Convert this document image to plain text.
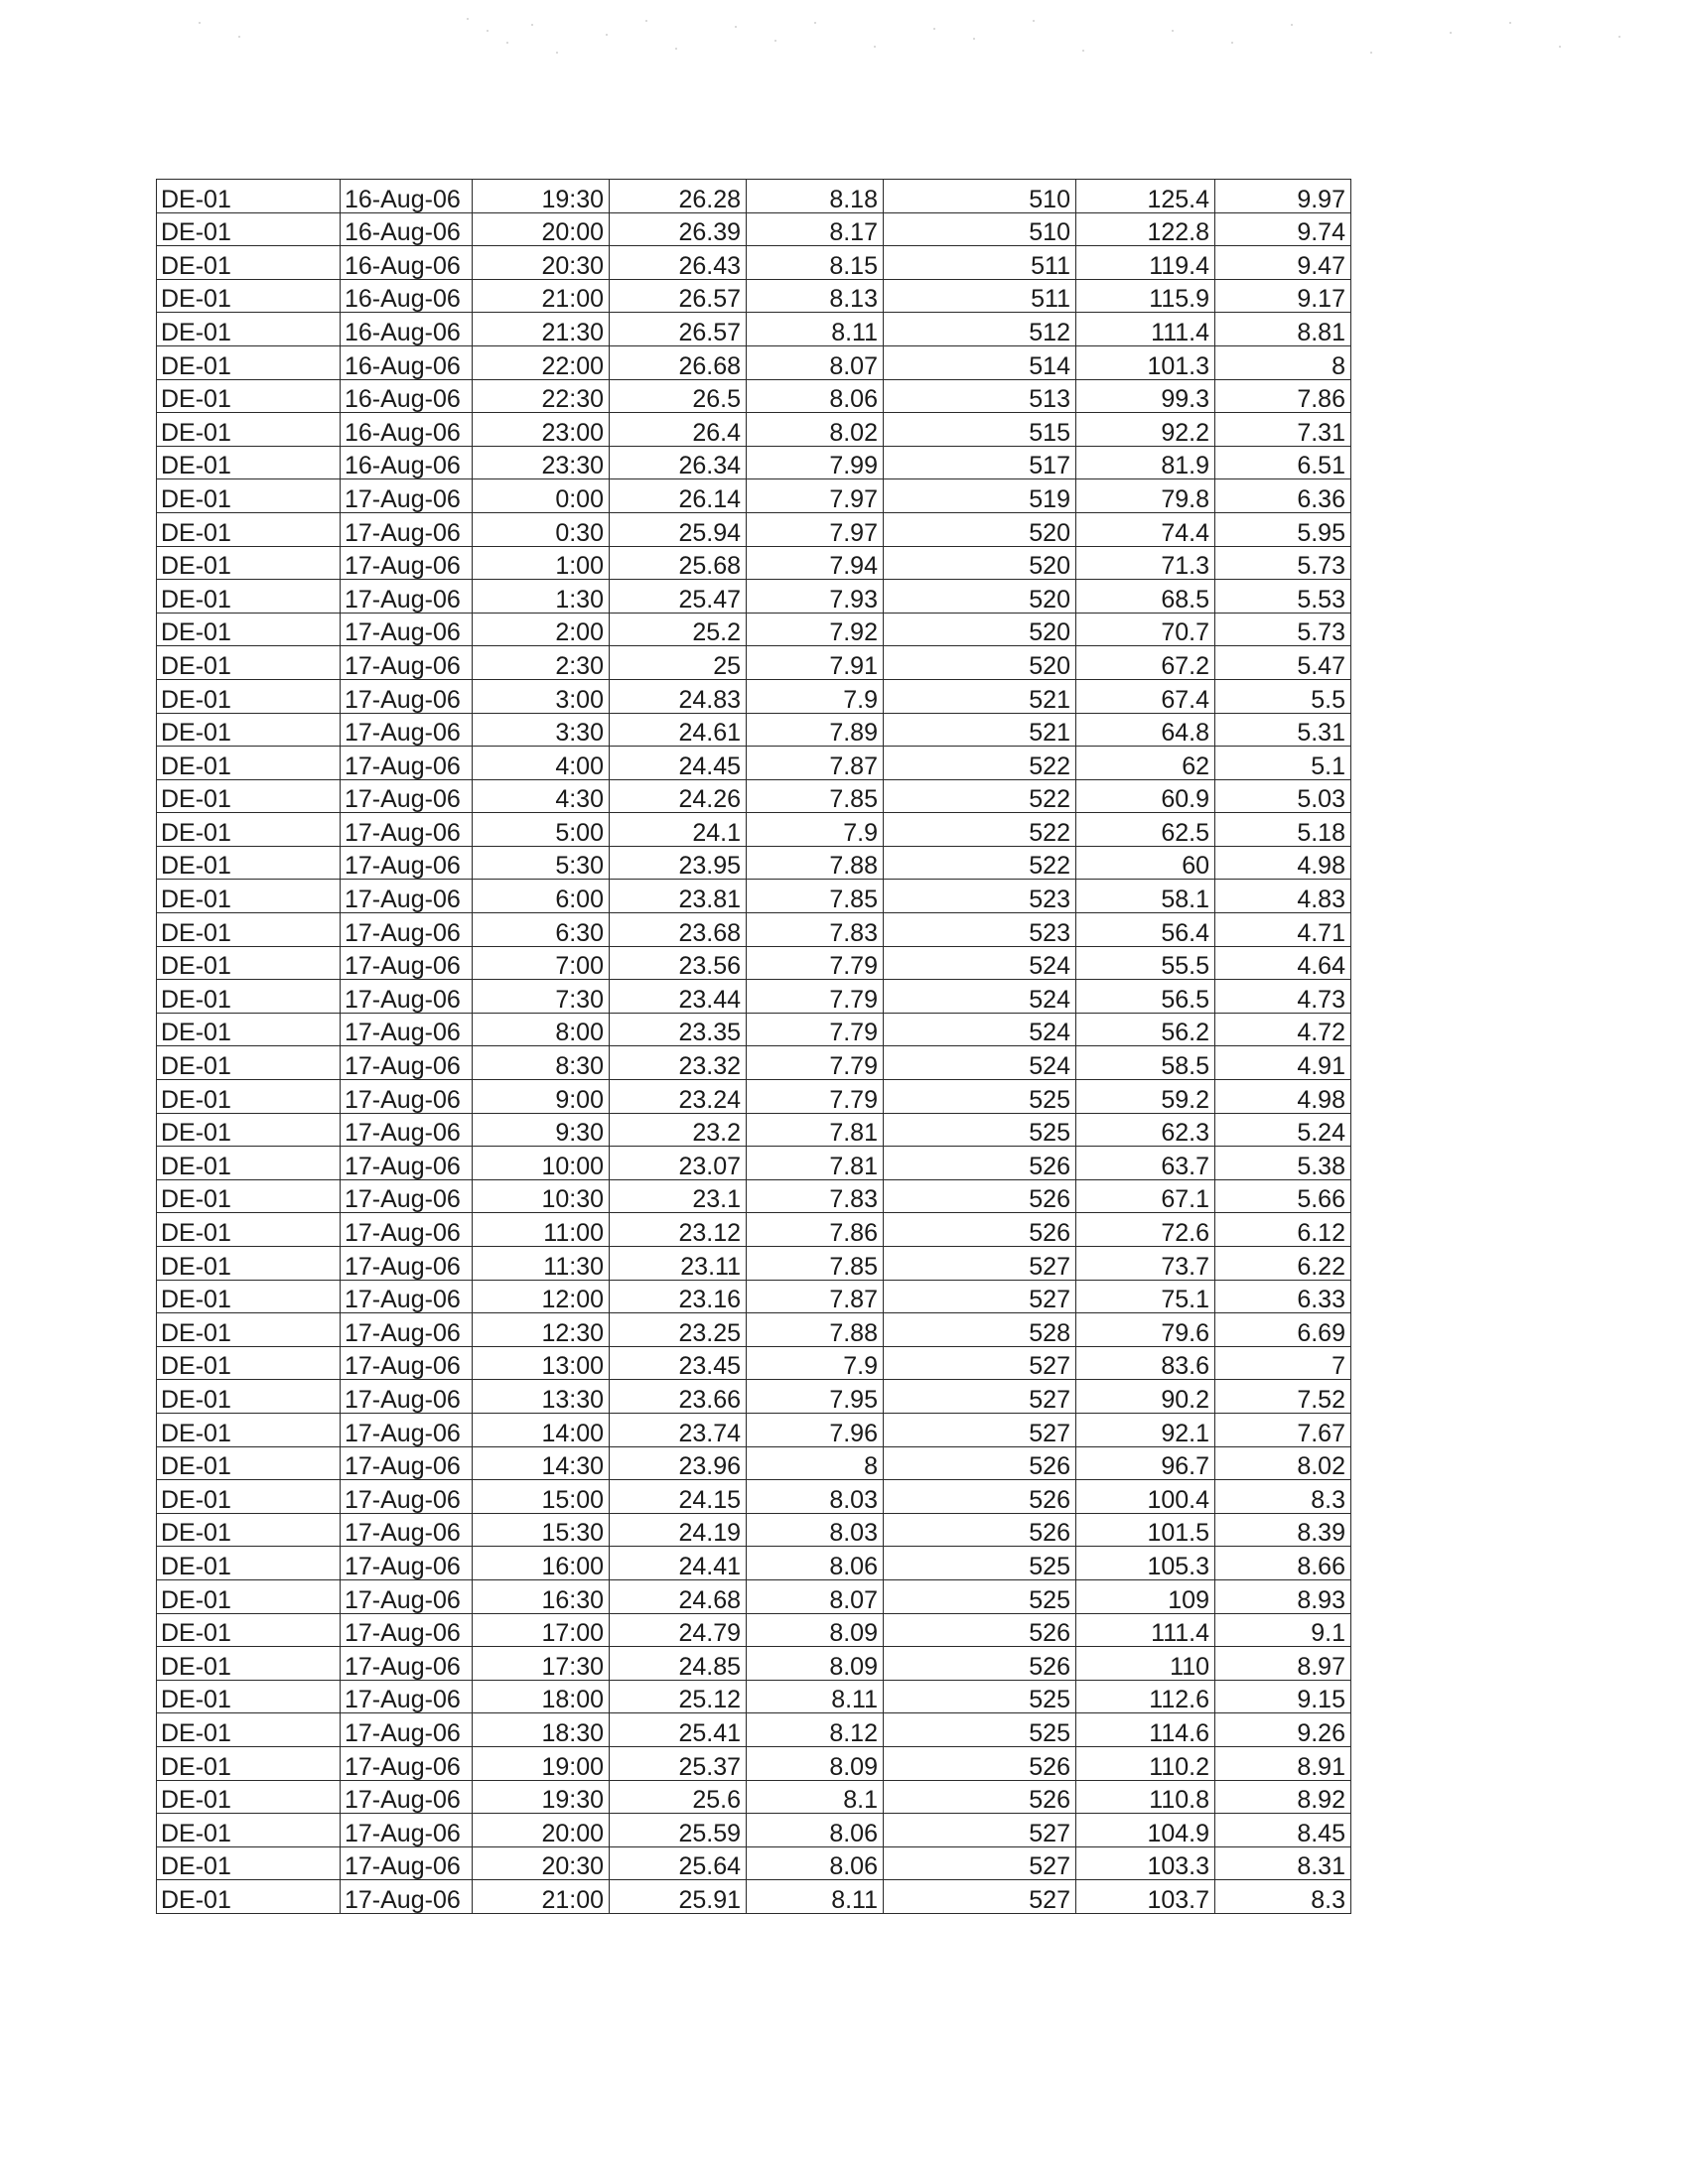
DE-01	16-Aug-06	19:30	26.28	8.18	510	125.4	9.97
DE-01	16-Aug-06	20:00	26.39	8.17	510	122.8	9.74
DE-01	16-Aug-06	20:30	26.43	8.15	511	119.4	9.47
DE-01	16-Aug-06	21:00	26.57	8.13	511	115.9	9.17
DE-01	16-Aug-06	21:30	26.57	8.11	512	111.4	8.81
DE-01	16-Aug-06	22:00	26.68	8.07	514	101.3	8
DE-01	16-Aug-06	22:30	26.5	8.06	513	99.3	7.86
DE-01	16-Aug-06	23:00	26.4	8.02	515	92.2	7.31
DE-01	16-Aug-06	23:30	26.34	7.99	517	81.9	6.51
DE-01	17-Aug-06	0:00	26.14	7.97	519	79.8	6.36
DE-01	17-Aug-06	0:30	25.94	7.97	520	74.4	5.95
DE-01	17-Aug-06	1:00	25.68	7.94	520	71.3	5.73
DE-01	17-Aug-06	1:30	25.47	7.93	520	68.5	5.53
DE-01	17-Aug-06	2:00	25.2	7.92	520	70.7	5.73
DE-01	17-Aug-06	2:30	25	7.91	520	67.2	5.47
DE-01	17-Aug-06	3:00	24.83	7.9	521	67.4	5.5
DE-01	17-Aug-06	3:30	24.61	7.89	521	64.8	5.31
DE-01	17-Aug-06	4:00	24.45	7.87	522	62	5.1
DE-01	17-Aug-06	4:30	24.26	7.85	522	60.9	5.03
DE-01	17-Aug-06	5:00	24.1	7.9	522	62.5	5.18
DE-01	17-Aug-06	5:30	23.95	7.88	522	60	4.98
DE-01	17-Aug-06	6:00	23.81	7.85	523	58.1	4.83
DE-01	17-Aug-06	6:30	23.68	7.83	523	56.4	4.71
DE-01	17-Aug-06	7:00	23.56	7.79	524	55.5	4.64
DE-01	17-Aug-06	7:30	23.44	7.79	524	56.5	4.73
DE-01	17-Aug-06	8:00	23.35	7.79	524	56.2	4.72
DE-01	17-Aug-06	8:30	23.32	7.79	524	58.5	4.91
DE-01	17-Aug-06	9:00	23.24	7.79	525	59.2	4.98
DE-01	17-Aug-06	9:30	23.2	7.81	525	62.3	5.24
DE-01	17-Aug-06	10:00	23.07	7.81	526	63.7	5.38
DE-01	17-Aug-06	10:30	23.1	7.83	526	67.1	5.66
DE-01	17-Aug-06	11:00	23.12	7.86	526	72.6	6.12
DE-01	17-Aug-06	11:30	23.11	7.85	527	73.7	6.22
DE-01	17-Aug-06	12:00	23.16	7.87	527	75.1	6.33
DE-01	17-Aug-06	12:30	23.25	7.88	528	79.6	6.69
DE-01	17-Aug-06	13:00	23.45	7.9	527	83.6	7
DE-01	17-Aug-06	13:30	23.66	7.95	527	90.2	7.52
DE-01	17-Aug-06	14:00	23.74	7.96	527	92.1	7.67
DE-01	17-Aug-06	14:30	23.96	8	526	96.7	8.02
DE-01	17-Aug-06	15:00	24.15	8.03	526	100.4	8.3
DE-01	17-Aug-06	15:30	24.19	8.03	526	101.5	8.39
DE-01	17-Aug-06	16:00	24.41	8.06	525	105.3	8.66
DE-01	17-Aug-06	16:30	24.68	8.07	525	109	8.93
DE-01	17-Aug-06	17:00	24.79	8.09	526	111.4	9.1
DE-01	17-Aug-06	17:30	24.85	8.09	526	110	8.97
DE-01	17-Aug-06	18:00	25.12	8.11	525	112.6	9.15
DE-01	17-Aug-06	18:30	25.41	8.12	525	114.6	9.26
DE-01	17-Aug-06	19:00	25.37	8.09	526	110.2	8.91
DE-01	17-Aug-06	19:30	25.6	8.1	526	110.8	8.92
DE-01	17-Aug-06	20:00	25.59	8.06	527	104.9	8.45
DE-01	17-Aug-06	20:30	25.64	8.06	527	103.3	8.31
DE-01	17-Aug-06	21:00	25.91	8.11	527	103.7	8.3
